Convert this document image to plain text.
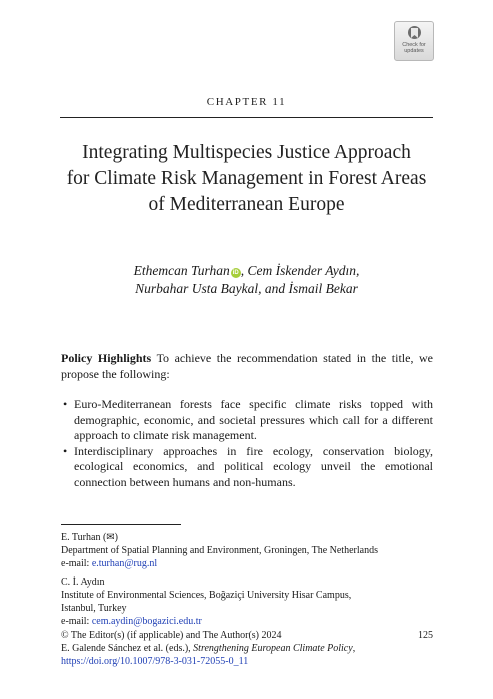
Check for
updates
CHAPTER 11
Integrating Multispecies Justice Approach
for Climate Risk Management in Forest Areas
of Mediterranean Europe
Ethemcan Turhan iD , Cem İskender Aydın,
Nurbahar Usta Baykal, and İsmail Bekar
Policy Highlights To achieve the recommendation stated in the title, we propose the following:
• Euro-Mediterranean forests face specific climate risks topped with demographic, economic, and societal pressures which call for a different approach to climate risk management.
• Interdisciplinary approaches in fire ecology, conservation biology, ecological economics, and political ecology unveil the emotional connection between humans and non-humans.
E. Turhan (✉)
Department of Spatial Planning and Environment, Groningen, The Netherlands
e-mail: e.turhan@rug.nl
C. İ. Aydın
Institute of Environmental Sciences, Boğaziçi University Hisar Campus,
Istanbul, Turkey
e-mail: cem.aydin@bogazici.edu.tr
© The Editor(s) (if applicable) and The Author(s) 2024
E. Galende Sánchez et al. (eds.), Strengthening European Climate Policy,
https://doi.org/10.1007/978-3-031-72055-0_11
125
